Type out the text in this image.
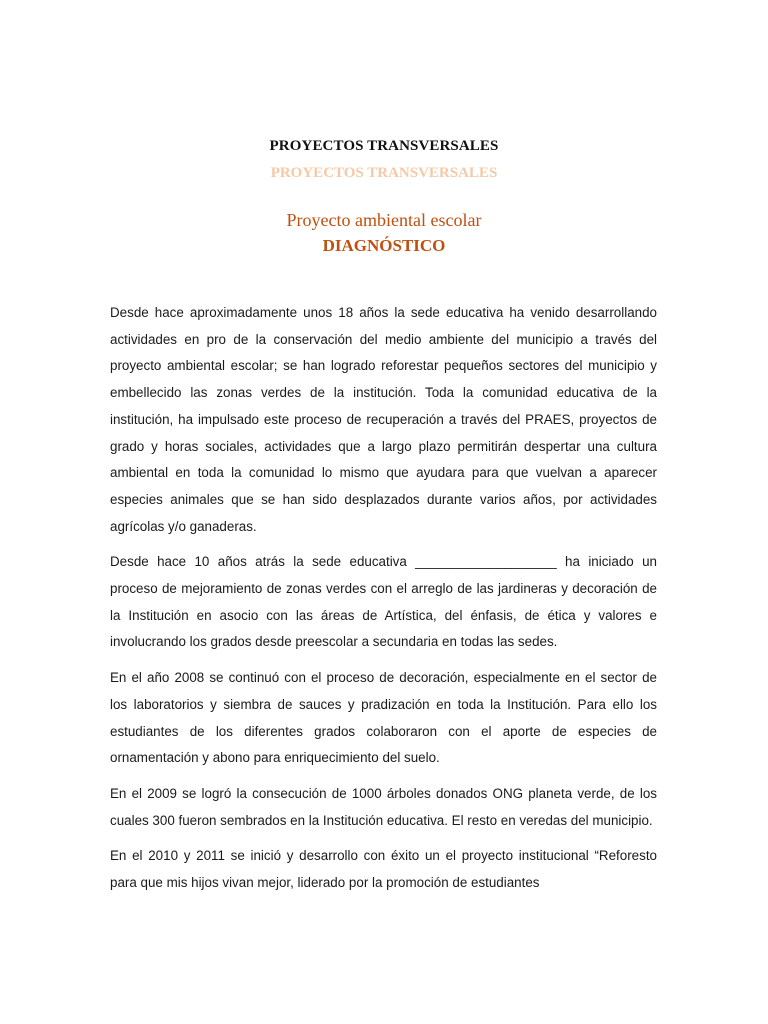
PROYECTOS TRANSVERSALES
PROYECTOS TRANSVERSALES
Proyecto ambiental escolar
DIAGNÓSTICO

Desde hace aproximadamente unos 18 años la sede educativa ha venido desarrollando actividades en pro de la conservación del medio ambiente del municipio a través del proyecto ambiental escolar; se han logrado reforestar pequeños sectores del municipio y embellecido las zonas verdes de la institución. Toda la comunidad educativa de la institución, ha impulsado este proceso de recuperación a través del PRAES, proyectos de grado y horas sociales, actividades que a largo plazo permitirán despertar una cultura ambiental en toda la comunidad lo mismo que ayudara para que vuelvan a aparecer especies animales que se han sido desplazados durante varios años, por actividades agrícolas y/o ganaderas.

Desde hace 10 años atrás la sede educativa ___________________ ha iniciado un proceso de mejoramiento de zonas verdes con el arreglo de las jardineras y decoración de la Institución en asocio con las áreas de Artística, del énfasis, de ética y valores e involucrando los grados desde preescolar a secundaria en todas las sedes.

En el año 2008 se continuó con el proceso de decoración, especialmente en el sector de los laboratorios y siembra de sauces y pradización en toda la Institución. Para ello los estudiantes de los diferentes grados colaboraron con el aporte de especies de ornamentación y abono para enriquecimiento del suelo.

En el 2009 se logró la consecución de 1000 árboles donados ONG planeta verde, de los cuales 300 fueron sembrados en la Institución educativa. El resto en veredas del municipio.

En el 2010 y 2011 se inició y desarrollo con éxito un el proyecto institucional “Reforesto para que mis hijos vivan mejor, liderado por la promoción de estudiantes
